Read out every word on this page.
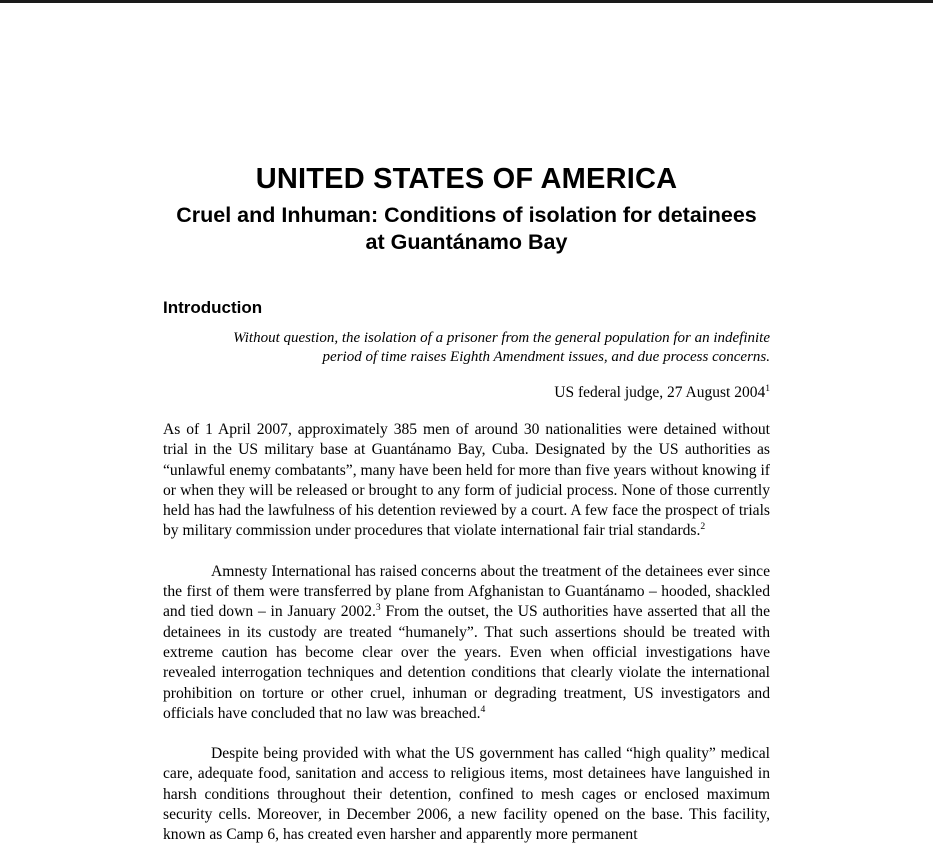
UNITED STATES OF AMERICA
Cruel and Inhuman: Conditions of isolation for detainees at Guantánamo Bay
Introduction

Without question, the isolation of a prisoner from the general population for an indefinite period of time raises Eighth Amendment issues, and due process concerns.

US federal judge, 27 August 2004$^1$

As of 1 April 2007, approximately 385 men of around 30 nationalities were detained without trial in the US military base at Guantánamo Bay, Cuba. Designated by the US authorities as “unlawful enemy combatants”, many have been held for more than five years without knowing if or when they will be released or brought to any form of judicial process. None of those currently held has had the lawfulness of his detention reviewed by a court. A few face the prospect of trials by military commission under procedures that violate international fair trial standards.$^2$

Amnesty International has raised concerns about the treatment of the detainees ever since the first of them were transferred by plane from Afghanistan to Guantánamo – hooded, shackled and tied down – in January 2002.$^3$ From the outset, the US authorities have asserted that all the detainees in its custody are treated “humanely”. That such assertions should be treated with extreme caution has become clear over the years. Even when official investigations have revealed interrogation techniques and detention conditions that clearly violate the international prohibition on torture or other cruel, inhuman or degrading treatment, US investigators and officials have concluded that no law was breached.$^4$

Despite being provided with what the US government has called “high quality” medical care, adequate food, sanitation and access to religious items, most detainees have languished in harsh conditions throughout their detention, confined to mesh cages or enclosed maximum security cells. Moreover, in December 2006, a new facility opened on the base. This facility, known as Camp 6, has created even harsher and apparently more permanent
